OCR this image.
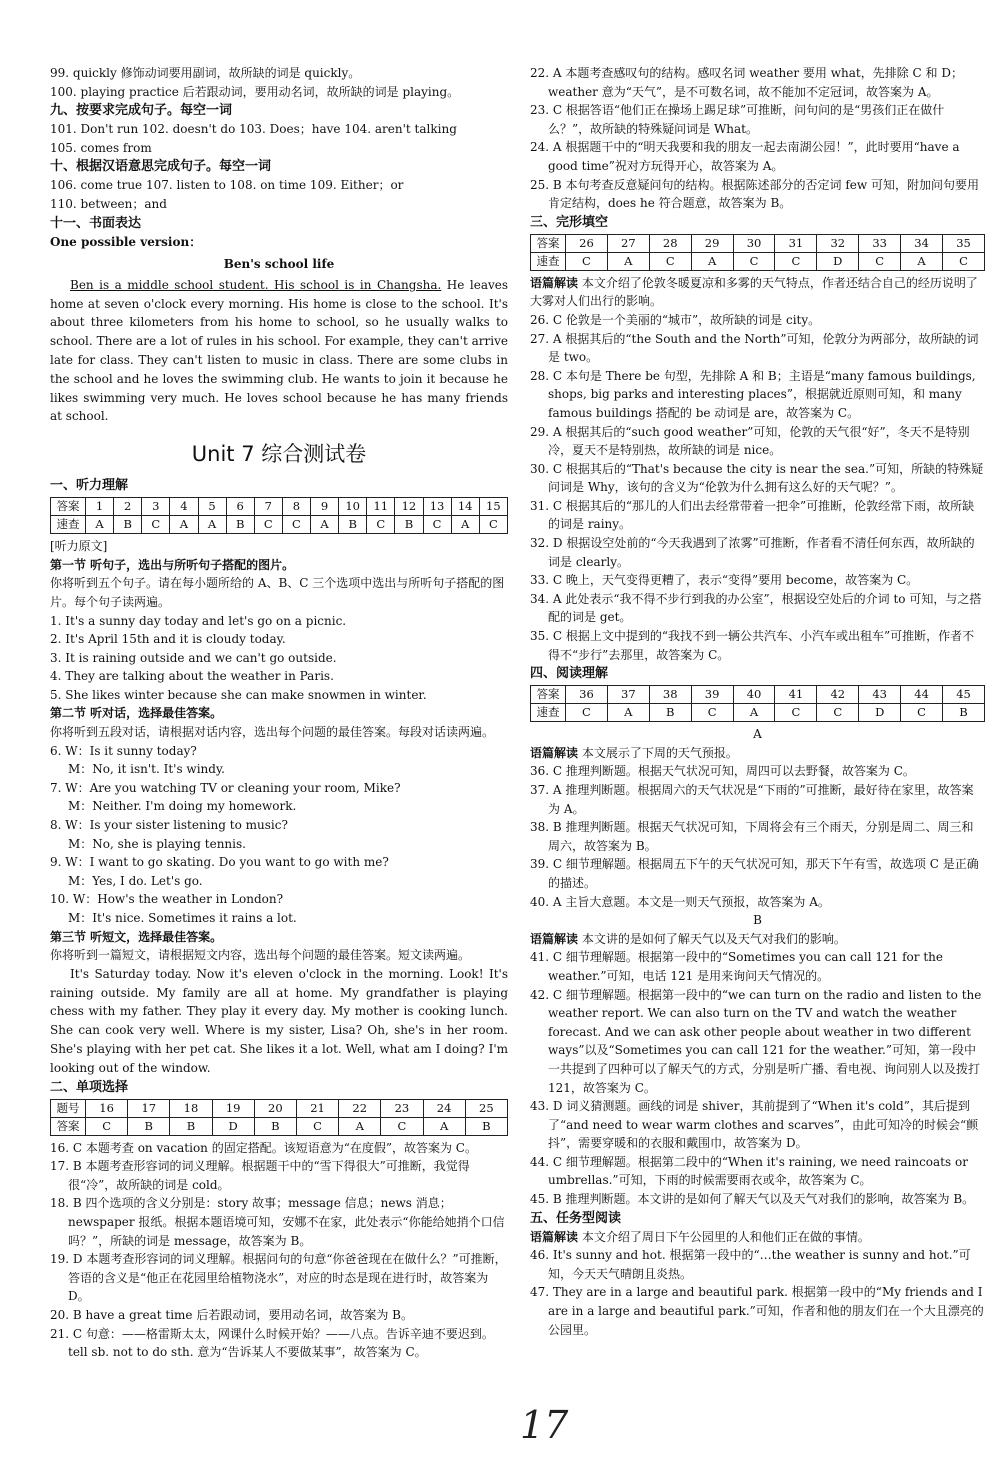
99. quickly 修饰动词要用副词，故所缺的词是 quickly。

100. playing practice 后若跟动词，要用动名词，故所缺的词是 playing。

九、按要求完成句子。每空一词

101. Don't run 102. doesn't do 103. Does；have 104. aren't talking

105. comes from

十、根据汉语意思完成句子。每空一词

106. come true 107. listen to 108. on time 109. Either；or

110. between；and

十一、书面表达

One possible version：

Ben's school life

Ben is a middle school student. His school is in Changsha. He leaves home at seven o'clock every morning. His home is close to the school. It's about three kilometers from his home to school, so he usually walks to school. There are a lot of rules in his school. For example, they can't arrive late for class. They can't listen to music in class. There are some clubs in the school and he loves the swimming club. He wants to join it because he likes swimming very much. He loves school because he has many friends at school.

Unit 7 综合测试卷

一、听力理解

答案	1	2	3	4	5	6	7	8	9	10	11	12	13	14	15
速查	A	B	C	A	A	B	C	C	A	B	C	B	C	A	C

[听力原文]

第一节 听句子，选出与所听句子搭配的图片。

你将听到五个句子。请在每小题所给的 A、B、C 三个选项中选出与所听句子搭配的图片。每个句子读两遍。

1. It's a sunny day today and let's go on a picnic.

2. It's April 15th and it is cloudy today.

3. It is raining outside and we can't go outside.

4. They are talking about the weather in Paris.

5. She likes winter because she can make snowmen in winter.

第二节 听对话，选择最佳答案。

你将听到五段对话，请根据对话内容，选出每个问题的最佳答案。每段对话读两遍。

6. W：Is it sunny today?

M：No, it isn't. It's windy.

7. W：Are you watching TV or cleaning your room, Mike?

M：Neither. I'm doing my homework.

8. W：Is your sister listening to music?

M：No, she is playing tennis.

9. W：I want to go skating. Do you want to go with me?

M：Yes, I do. Let's go.

10. W：How's the weather in London?

M：It's nice. Sometimes it rains a lot.

第三节 听短文，选择最佳答案。

你将听到一篇短文，请根据短文内容，选出每个问题的最佳答案。短文读两遍。

It's Saturday today. Now it's eleven o'clock in the morning. Look! It's raining outside. My family are all at home. My grandfather is playing chess with my father. They play it every day. My mother is cooking lunch. She can cook very well. Where is my sister, Lisa? Oh, she's in her room. She's playing with her pet cat. She likes it a lot. Well, what am I doing? I'm looking out of the window.

二、单项选择

题号	16	17	18	19	20	21	22	23	24	25
答案	C	B	B	D	B	C	A	C	A	B

16. C 本题考查 on vacation 的固定搭配。该短语意为“在度假”，故答案为 C。

17. B 本题考查形容词的词义理解。根据题干中的“雪下得很大”可推断，我觉得很“冷”，故所缺的词是 cold。

18. B 四个选项的含义分别是：story 故事；message 信息；news 消息；newspaper 报纸。根据本题语境可知，安娜不在家，此处表示“你能给她捎个口信吗？”，所缺的词是 message，故答案为 B。

19. D 本题考查形容词的词义理解。根据问句的句意“你爸爸现在在做什么？”可推断，答语的含义是“他正在花园里给植物浇水”，对应的时态是现在进行时，故答案为 D。

20. B have a great time 后若跟动词，要用动名词，故答案为 B。

21. C 句意：——格雷斯太太，网课什么时候开始？——八点。告诉辛迪不要迟到。tell sb. not to do sth. 意为“告诉某人不要做某事”，故答案为 C。

22. A 本题考查感叹句的结构。感叹名词 weather 要用 what，先排除 C 和 D；weather 意为“天气”，是不可数名词，故不能加不定冠词，故答案为 A。

23. C 根据答语“他们正在操场上踢足球”可推断，问句问的是“男孩们正在做什么？”，故所缺的特殊疑问词是 What。

24. A 根据题干中的“明天我要和我的朋友一起去南湖公园！”，此时要用“have a good time”祝对方玩得开心，故答案为 A。

25. B 本句考查反意疑问句的结构。根据陈述部分的否定词 few 可知，附加问句要用肯定结构，does he 符合题意，故答案为 B。

三、完形填空

答案	26	27	28	29	30	31	32	33	34	35
速查	C	A	C	A	C	C	D	C	A	C

语篇解读 本文介绍了伦敦冬暖夏凉和多雾的天气特点，作者还结合自己的经历说明了大雾对人们出行的影响。

26. C 伦敦是一个美丽的“城市”，故所缺的词是 city。

27. A 根据其后的“the South and the North”可知，伦敦分为两部分，故所缺的词是 two。

28. C 本句是 There be 句型，先排除 A 和 B；主语是“many famous buildings, shops, big parks and interesting places”，根据就近原则可知，和 many famous buildings 搭配的 be 动词是 are，故答案为 C。

29. A 根据其后的“such good weather”可知，伦敦的天气很“好”，冬天不是特别冷，夏天不是特别热，故所缺的词是 nice。

30. C 根据其后的“That's because the city is near the sea.”可知，所缺的特殊疑问词是 Why，该句的含义为“伦敦为什么拥有这么好的天气呢？”。

31. C 根据其后的“那儿的人们出去经常带着一把伞”可推断，伦敦经常下雨，故所缺的词是 rainy。

32. D 根据设空处前的“今天我遇到了浓雾”可推断，作者看不清任何东西，故所缺的词是 clearly。

33. C 晚上，天气变得更糟了，表示“变得”要用 become，故答案为 C。

34. A 此处表示“我不得不步行到我的办公室”，根据设空处后的介词 to 可知，与之搭配的词是 get。

35. C 根据上文中提到的“我找不到一辆公共汽车、小汽车或出租车”可推断，作者不得不“步行”去那里，故答案为 C。

四、阅读理解

答案	36	37	38	39	40	41	42	43	44	45
速查	C	A	B	C	A	C	C	D	C	B

A

语篇解读 本文展示了下周的天气预报。

36. C 推理判断题。根据天气状况可知，周四可以去野餐，故答案为 C。

37. A 推理判断题。根据周六的天气状况是“下雨的”可推断，最好待在家里，故答案为 A。

38. B 推理判断题。根据天气状况可知，下周将会有三个雨天，分别是周二、周三和周六，故答案为 B。

39. C 细节理解题。根据周五下午的天气状况可知，那天下午有雪，故选项 C 是正确的描述。

40. A 主旨大意题。本文是一则天气预报，故答案为 A。

B

语篇解读 本文讲的是如何了解天气以及天气对我们的影响。

41. C 细节理解题。根据第一段中的“Sometimes you can call 121 for the weather.”可知，电话 121 是用来询问天气情况的。

42. C 细节理解题。根据第一段中的“we can turn on the radio and listen to the weather report. We can also turn on the TV and watch the weather forecast. And we can ask other people about weather in two different ways”以及“Sometimes you can call 121 for the weather.”可知，第一段中一共提到了四种可以了解天气的方式，分别是听广播、看电视、询问别人以及拨打 121，故答案为 C。

43. D 词义猜测题。画线的词是 shiver，其前提到了“When it's cold”，其后提到了“and need to wear warm clothes and scarves”，由此可知冷的时候会“颤抖”，需要穿暖和的衣服和戴围巾，故答案为 D。

44. C 细节理解题。根据第二段中的“When it's raining, we need raincoats or umbrellas.”可知，下雨的时候需要雨衣或伞，故答案为 C。

45. B 推理判断题。本文讲的是如何了解天气以及天气对我们的影响，故答案为 B。

五、任务型阅读

语篇解读 本文介绍了周日下午公园里的人和他们正在做的事情。

46. It's sunny and hot. 根据第一段中的“…the weather is sunny and hot.”可知，今天天气晴朗且炎热。

47. They are in a large and beautiful park. 根据第一段中的“My friends and I are in a large and beautiful park.”可知，作者和他的朋友们在一个大且漂亮的公园里。

17
